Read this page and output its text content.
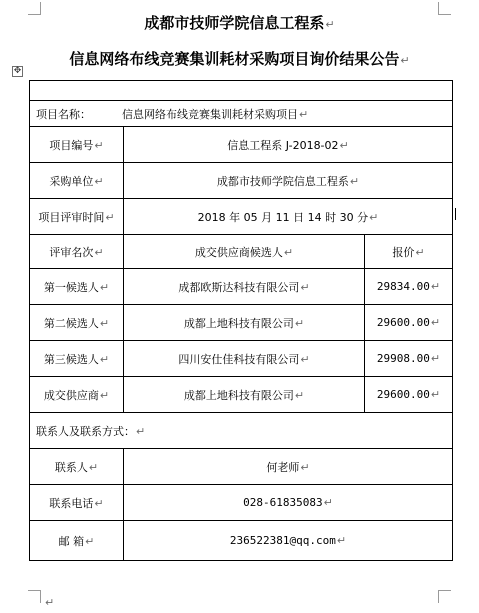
成都市技师学院信息工程系↵
信息网络布线竞赛集训耗材采购项目询价结果公告↵
✥

项目名称： 信息网络布线竞赛集训耗材采购项目↵		
项目编号↵	信息工程系 J-2018-02↵	
采购单位↵	成都市技师学院信息工程系↵	
项目评审时间↵	2018 年 05 月 11 日 14 时 30 分↵	
评审名次↵	成交供应商候选人↵	报价↵
第一候选人↵	成都欧斯达科技有限公司↵	29834.00↵
第二候选人↵	成都上地科技有限公司↵	29600.00↵
第三候选人↵	四川安仕佳科技有限公司↵	29908.00↵
成交供应商↵	成都上地科技有限公司↵	29600.00↵
联系人及联系方式：↵		
联系人↵	何老师↵	
联系电话↵	028-61835083↵	
邮 箱↵	236522381@qq.com↵	
↵
